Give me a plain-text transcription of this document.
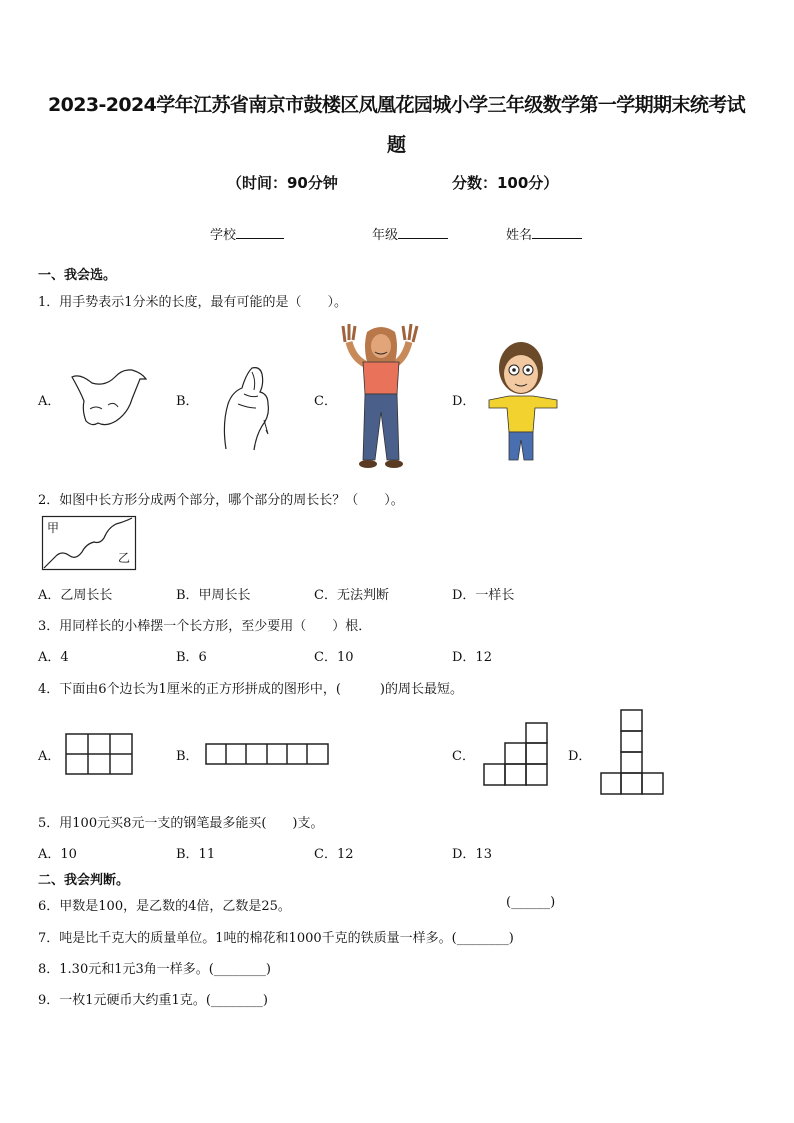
2023-2024学年江苏省南京市鼓楼区凤凰花园城小学三年级数学第一学期期末统考试
题
（时间：90分钟	分数：100分）
学校	年级	姓名
一、我会选。
1．用手势表示1分米的长度，最有可能的是（　　）。
A．	B．	C．	D．
2．如图中长方形分成两个部分，哪个部分的周长长？（　　）。
甲
乙
A．乙周长长	B．甲周长长	C．无法判断	D．一样长
3．用同样长的小棒摆一个长方形，至少要用（　　）根．
A．4	B．6	C．10	D．12
4．下面由6个边长为1厘米的正方形拼成的图形中，(　　　)的周长最短。
A．	B．	C．	D．
5．用100元买8元一支的钢笔最多能买(　　)支。
A．10	B．11	C．12	D．13
二、我会判断。
6．甲数是100，是乙数的4倍，乙数是25。	(______)
7．吨是比千克大的质量单位。1吨的棉花和1000千克的铁质量一样多。(________)
8．1.30元和1元3角一样多。(________)
9．一枚1元硬币大约重1克。(________)
